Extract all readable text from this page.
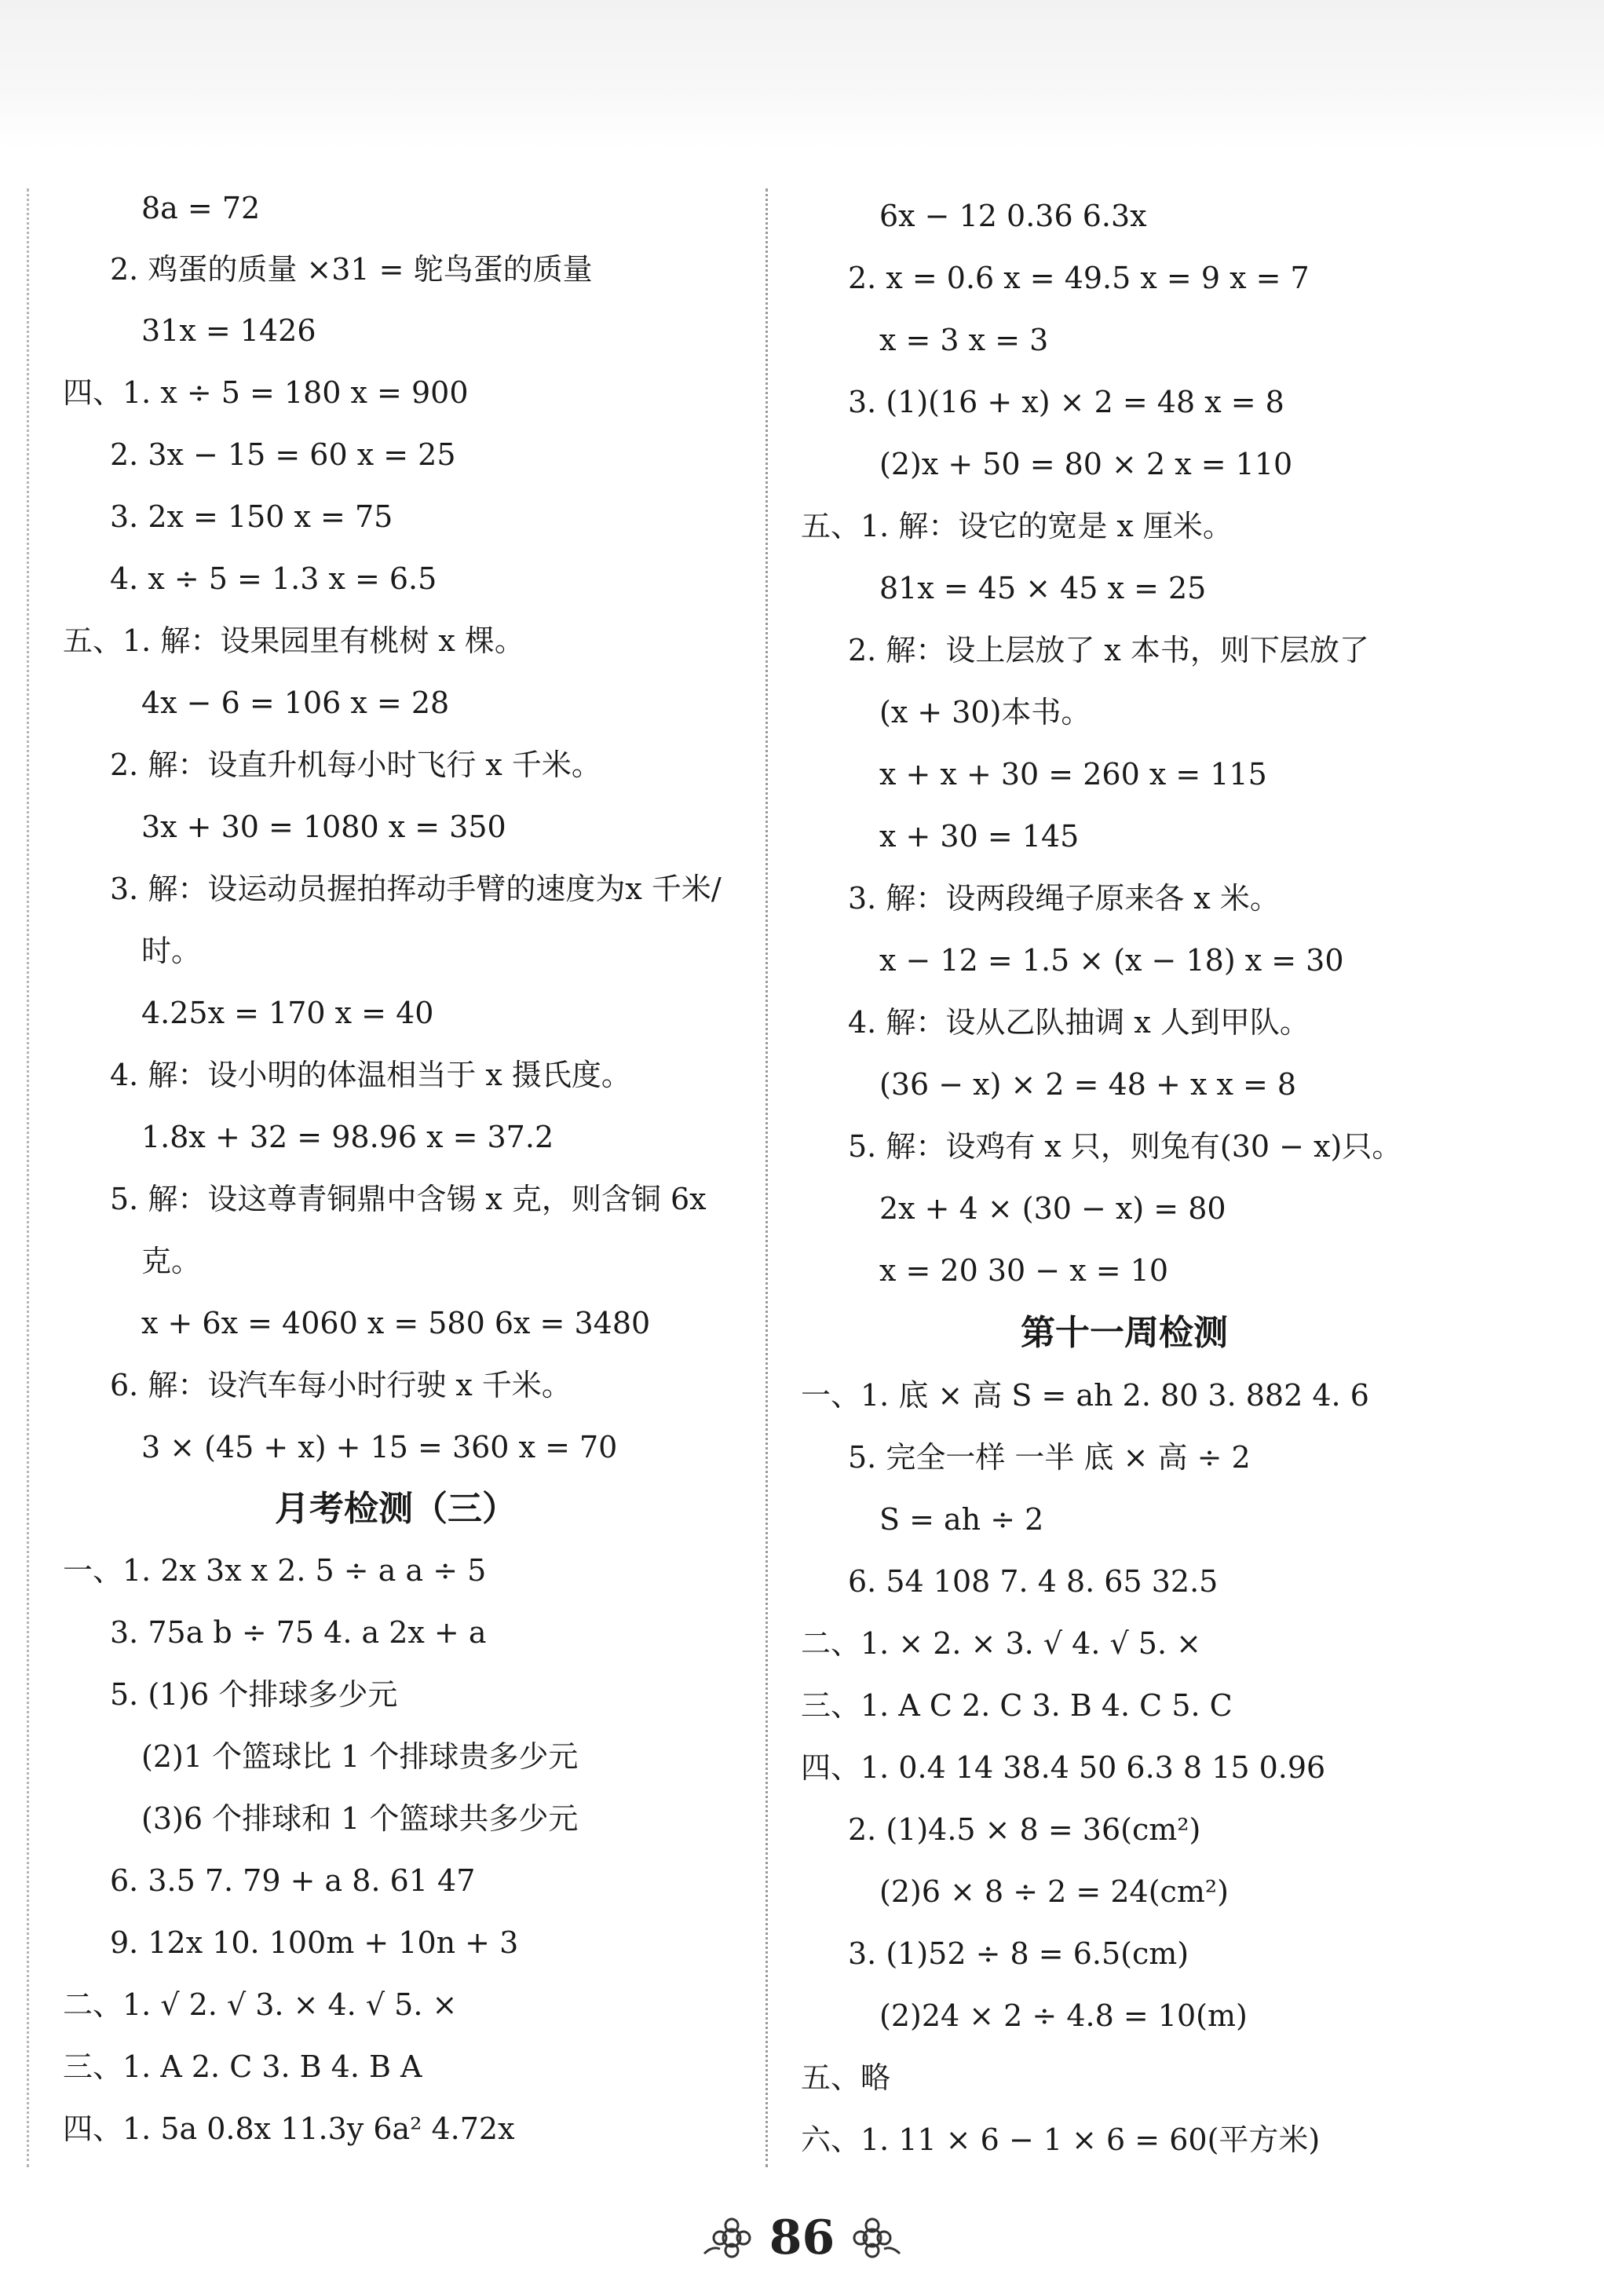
8a = 72
2. 鸡蛋的质量 ×31 = 鸵鸟蛋的质量
31x = 1426
四、1. x ÷ 5 = 180 x = 900
2. 3x − 15 = 60 x = 25
3. 2x = 150 x = 75
4. x ÷ 5 = 1.3 x = 6.5
五、1. 解：设果园里有桃树 x 棵。
4x − 6 = 106 x = 28
2. 解：设直升机每小时飞行 x 千米。
3x + 30 = 1080 x = 350
3. 解：设运动员握拍挥动手臂的速度为x 千米/
时。
4.25x = 170 x = 40
4. 解：设小明的体温相当于 x 摄氏度。
1.8x + 32 = 98.96 x = 37.2
5. 解：设这尊青铜鼎中含锡 x 克，则含铜 6x
克。
x + 6x = 4060 x = 580 6x = 3480
6. 解：设汽车每小时行驶 x 千米。
3 × (45 + x) + 15 = 360 x = 70
月考检测（三）
一、1. 2x 3x x 2. 5 ÷ a a ÷ 5
3. 75a b ÷ 75 4. a 2x + a
5. (1)6 个排球多少元
(2)1 个篮球比 1 个排球贵多少元
(3)6 个排球和 1 个篮球共多少元
6. 3.5 7. 79 + a 8. 61 47
9. 12x 10. 100m + 10n + 3
二、1. √ 2. √ 3. × 4. √ 5. ×
三、1. A 2. C 3. B 4. B A
四、1. 5a 0.8x 11.3y 6a² 4.72x
6x − 12 0.36 6.3x
2. x = 0.6 x = 49.5 x = 9 x = 7
x = 3 x = 3
3. (1)(16 + x) × 2 = 48 x = 8
(2)x + 50 = 80 × 2 x = 110
五、1. 解：设它的宽是 x 厘米。
81x = 45 × 45 x = 25
2. 解：设上层放了 x 本书，则下层放了
(x + 30)本书。
x + x + 30 = 260 x = 115
x + 30 = 145
3. 解：设两段绳子原来各 x 米。
x − 12 = 1.5 × (x − 18) x = 30
4. 解：设从乙队抽调 x 人到甲队。
(36 − x) × 2 = 48 + x x = 8
5. 解：设鸡有 x 只，则兔有(30 − x)只。
2x + 4 × (30 − x) = 80
x = 20 30 − x = 10
第十一周检测
一、1. 底 × 高 S = ah 2. 80 3. 882 4. 6
5. 完全一样 一半 底 × 高 ÷ 2
S = ah ÷ 2
6. 54 108 7. 4 8. 65 32.5
二、1. × 2. × 3. √ 4. √ 5. ×
三、1. A C 2. C 3. B 4. C 5. C
四、1. 0.4 14 38.4 50 6.3 8 15 0.96
2. (1)4.5 × 8 = 36(cm²)
(2)6 × 8 ÷ 2 = 24(cm²)
3. (1)52 ÷ 8 = 6.5(cm)
(2)24 × 2 ÷ 4.8 = 10(m)
五、略
六、1. 11 × 6 − 1 × 6 = 60(平方米)
86
